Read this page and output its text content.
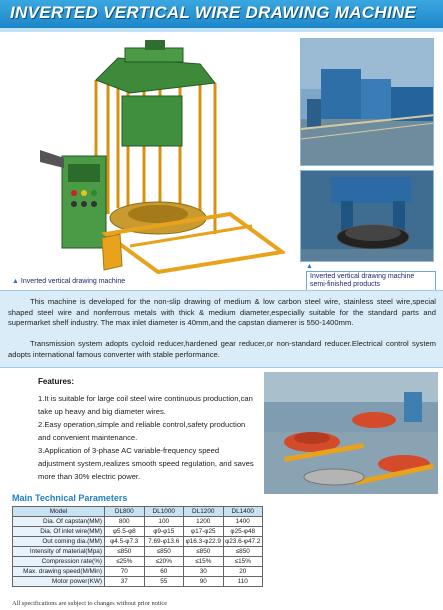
INVERTED VERTICAL WIRE DRAWING MACHINE
▲ Inverted vertical drawing machine
▲ Inverted vertical drawing machine semi-finished products

This machine is developed for the non-slip drawing of medium & low carbon steel wire, stainless steel wire,special shaped steel wire and nonferrous metals with thick & medium diameter,especially suitable for the standard parts and supermarket shelf industry. The max inlet diameter is 40mm,and the capstan diamerer is 550-1400mm.

Transmission system adopts cycloid reducer,hardened gear reducer,or non-standard reducer.Electrical control system adopts international famous converter with stable performance.

Features:
1.It is suitable for large coil steel wire continuous production,can take up heavy and big diameter wires.
2.Easy operation,simple and reliable control,safety production and convenient maintenance.
3.Application of 3-phase AC variable-frequency speed adjustment system,realizes smooth speed regulation, and saves more than 30% electric power.
Main Technical Parameters
Model	DL800	DL1000	DL1200	DL1400
Dia. Of capstan(MM)	800	100	1200	1400
Dia. Of inlet wire(MM)	φ5.5-φ8	φ9-φ15	φ17-φ25	φ25-φ48
Out coming dia.(MM)	φ4.5-φ7.3	7.69-φ13.6	φ16.3-φ22.9	φ23.6-φ47.2
Intensity of material(Mpa)	≤850	≤850	≤850	≤850
Compression rate(%)	≤25%	≤20%	≤15%	≤15%
Max. drawing speed(M/Min)	70	60	30	20
Motor power(KW)	37	55	90	110
All specifications are subject to changes without prior notice
